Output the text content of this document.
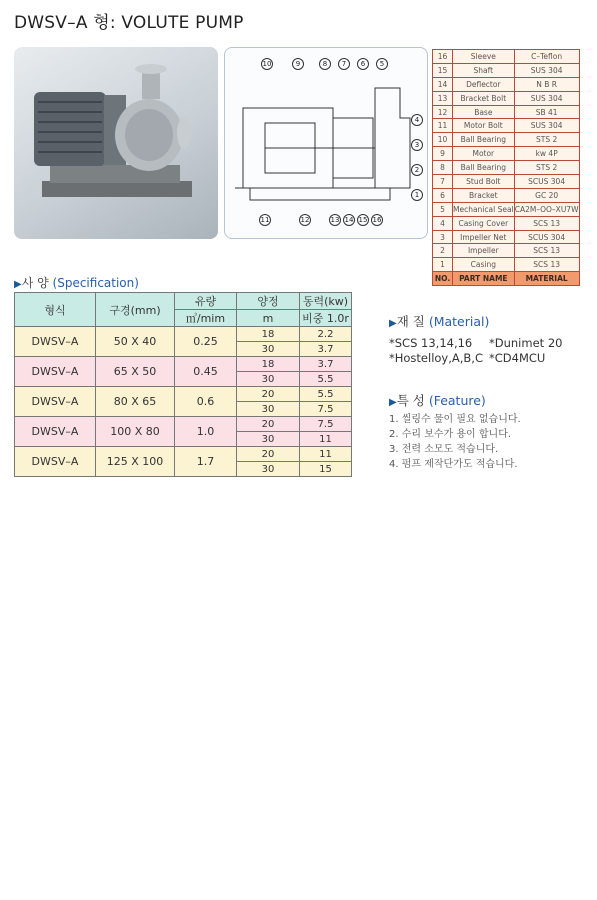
DWSV–A 형: VOLUTE PUMP
10	9	8	7	6	5
4
3
2
1
11	12	13 14 15 16
16	Sleeve	C–Teflon
15	Shaft	SUS 304
14	Deflector	N B R
13	Bracket Bolt	SUS 304
12	Base	SB 41
11	Motor Bolt	SUS 304
10	Ball Bearing	STS 2
9	Motor	kw 4P
8	Ball Bearing	STS 2
7	Stud Bolt	SCUS 304
6	Bracket	GC 20
5	Mechanical Seal	CA2M–OO–XU7W
4	Casing Cover	SCS 13
3	Impeller Net	SCUS 304
2	Impeller	SCS 13
1	Casing	SCS 13
NO.	PART NAME	MATERIAL
▶사 양 (Specification)
형식	구경(mm)	유량	양정	동력(kw)
		㎥/mim	m	비중 1.0r
DWSV–A	50 X 40	0.25	18	2.2
			30	3.7
DWSV–A	65 X 50	0.45	18	3.7
			30	5.5
DWSV–A	80 X 65	0.6	20	5.5
			30	7.5
DWSV–A	100 X 80	1.0	20	7.5
			30	11
DWSV–A	125 X 100	1.7	20	11
			30	15
▶재 질 (Material)
*SCS 13,14,16 *Dunimet 20
*Hostelloy,A,B,C *CD4MCU
▶특 성 (Feature)
1. 씰링수 물이 필요 없습니다.
2. 수리 보수가 용이 합니다.
3. 전력 소모도 적습니다.
4. 펌프 제작단가도 적습니다.
